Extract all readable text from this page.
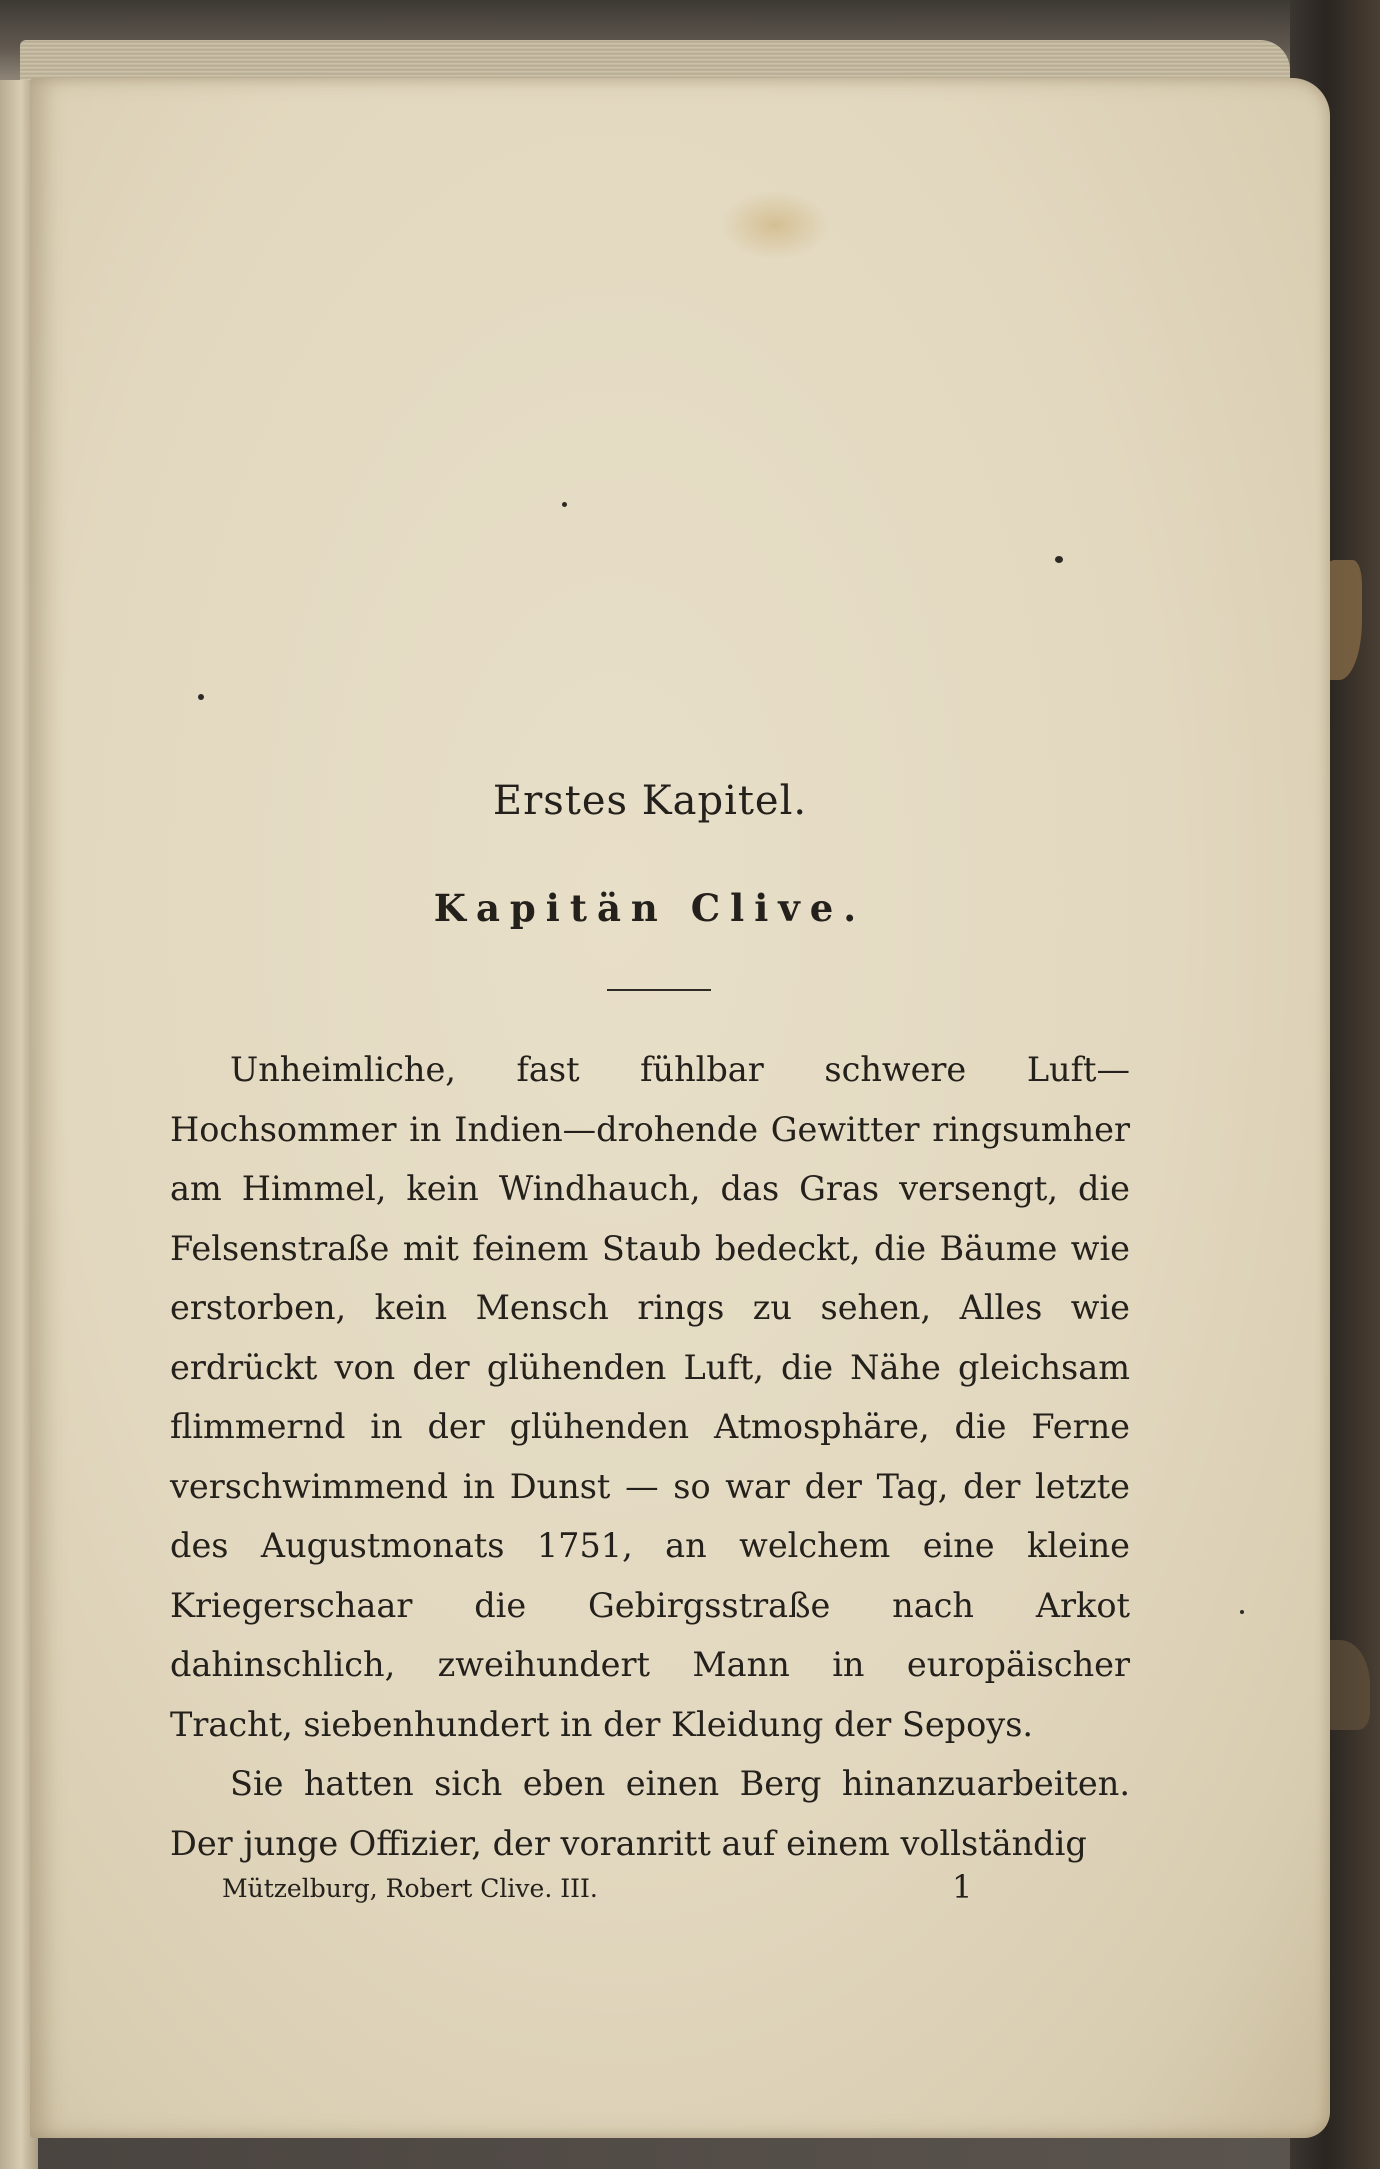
Erstes Kapitel.
Kapitän Clive.

Unheimliche, fast fühlbar schwere Luft—Hochsommer in Indien—drohende Gewitter ringsumher am Himmel, kein Windhauch, das Gras versengt, die Felsenstraße mit feinem Staub bedeckt, die Bäume wie erstorben, kein Mensch rings zu sehen, Alles wie erdrückt von der glühenden Luft, die Nähe gleichsam flimmernd in der glühenden Atmosphäre, die Ferne verschwimmend in Dunst — so war der Tag, der letzte des Augustmonats 1751, an welchem eine kleine Kriegerschaar die Gebirgsstraße nach Arkot dahinschlich, zweihundert Mann in europäischer Tracht, siebenhundert in der Kleidung der Sepoys.

Sie hatten sich eben einen Berg hinanzuarbeiten. Der junge Offizier, der voranritt auf einem vollständig

Mützelburg, Robert Clive. III.	1
